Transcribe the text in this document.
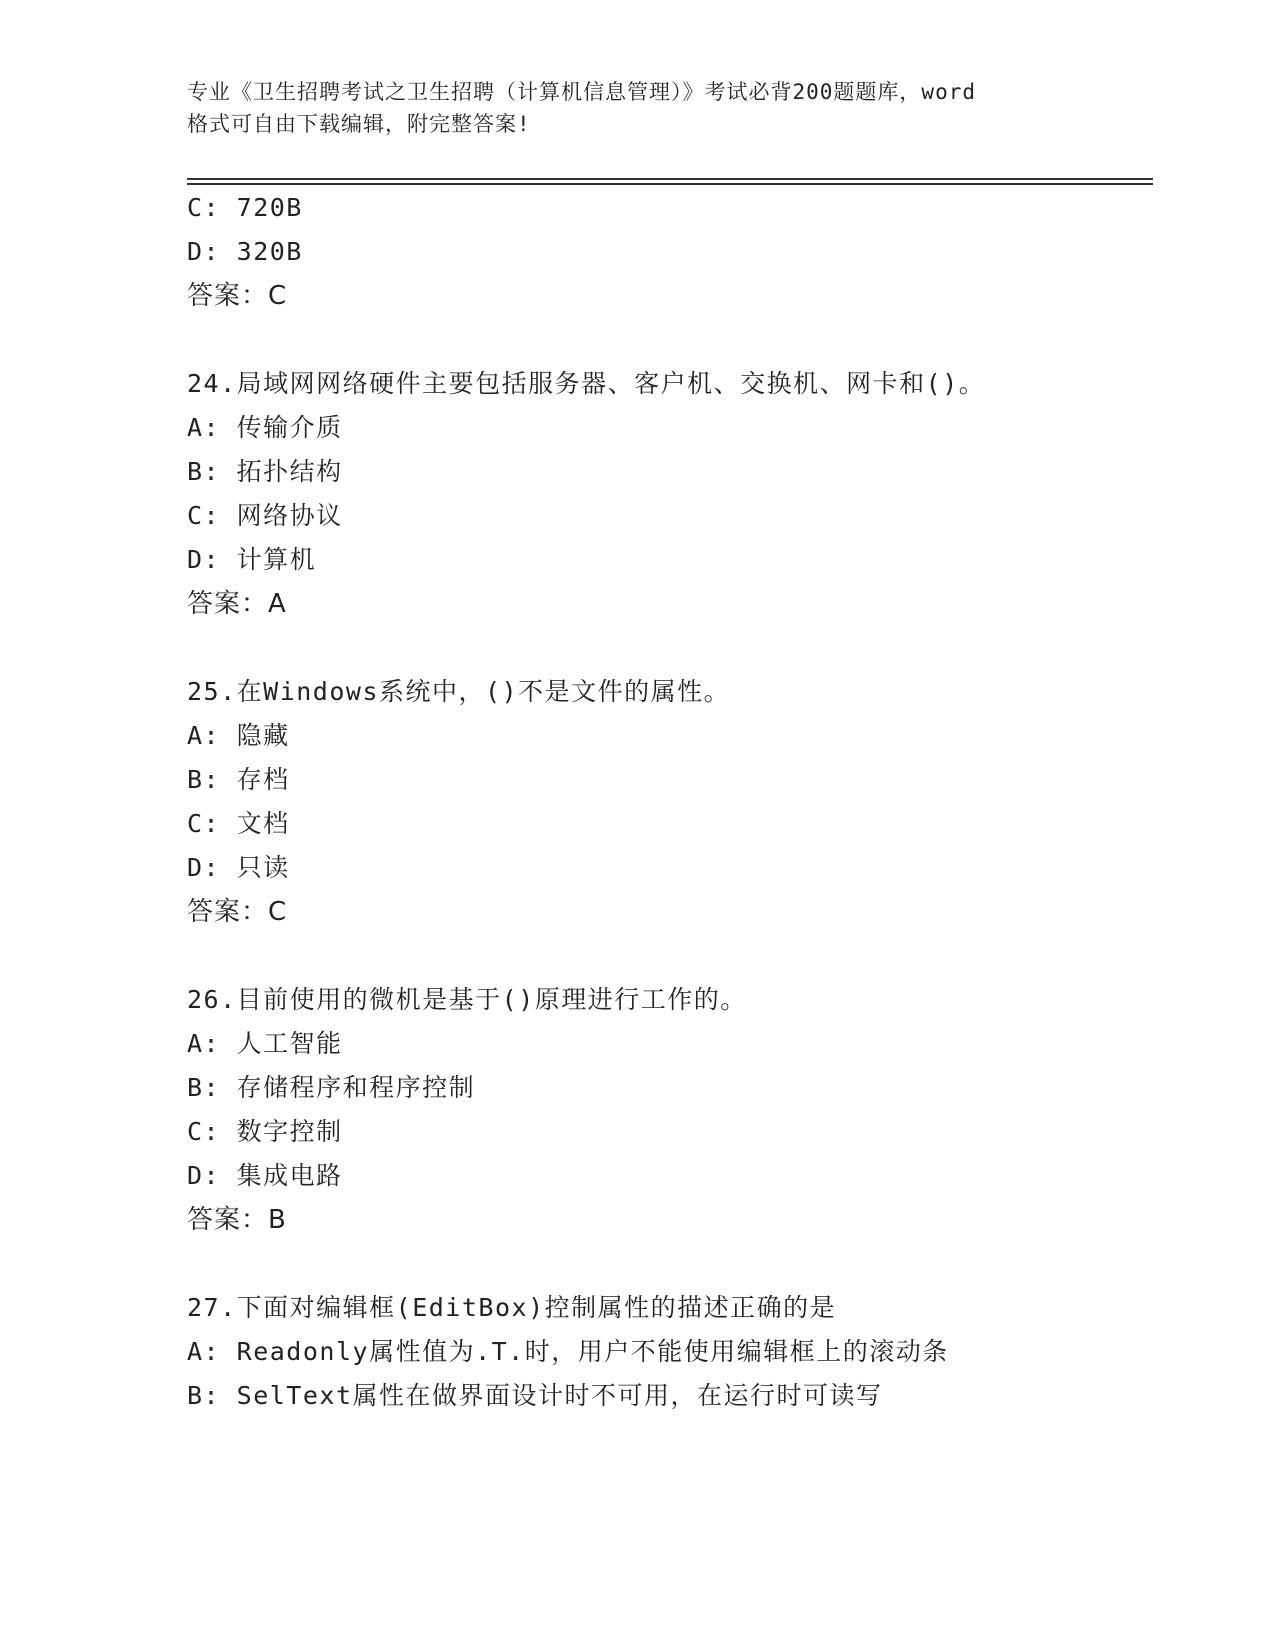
专业《卫生招聘考试之卫生招聘（计算机信息管理）》考试必背200题题库，word
格式可自由下载编辑，附完整答案!
C: 720B
D: 320B
答案：C
24.局域网网络硬件主要包括服务器、客户机、交换机、网卡和()。
A: 传输介质
B: 拓扑结构
C: 网络协议
D: 计算机
答案：A
25.在Windows系统中，()不是文件的属性。
A: 隐藏
B: 存档
C: 文档
D: 只读
答案：C
26.目前使用的微机是基于()原理进行工作的。
A: 人工智能
B: 存储程序和程序控制
C: 数字控制
D: 集成电路
答案：B
27.下面对编辑框(EditBox)控制属性的描述正确的是
A: Readonly属性值为.T.时，用户不能使用编辑框上的滚动条
B: SelText属性在做界面设计时不可用，在运行时可读写
